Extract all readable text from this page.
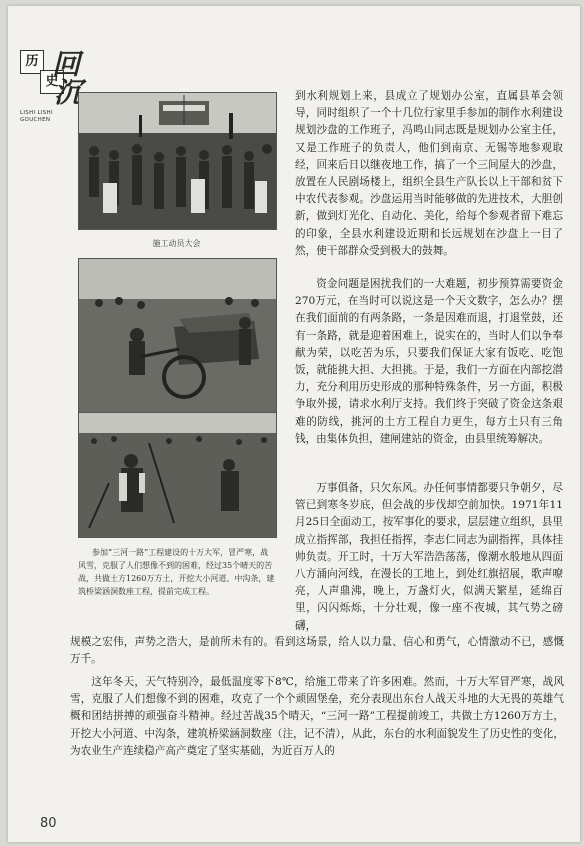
历
史
回
沉
LISHI LISHI
GOUCHEN
施工动员大会
参加“三河一路”工程建设的十万大军，冒严寒，战风雪，克服了人们想像不到的困难，经过35个晴天的苦战，共做土方1260万方土，开挖大小河道、中沟条，建筑桥梁涵洞数座工程，提前完成工程。

到水利规划上来，县成立了规划办公室，直属县革会领导，同时组织了一个十几位行家里手参加的制作水利建设规划沙盘的工作班子，冯鸣山同志既是规划办公室主任，又是工作班子的负责人，他们到南京、无锡等地参观取经，回来后日以继夜地工作，搞了一个三间屋大的沙盘，放置在人民剧场楼上，组织全县生产队长以上干部和贫下中农代表参观。沙盘运用当时能够做的先进技术，大胆创新，做到灯光化、自动化、美化，给每个参观者留下难忘的印象，全县水利建设近期和长远规划在沙盘上一目了然，使干部群众受到极大的鼓舞。

资金问题是困扰我们的一大难题，初步预算需要资金270万元，在当时可以说这是一个天文数字，怎么办？摆在我们面前的有两条路，一条是因难而退，打退堂鼓，还有一条路，就是迎着困难上，说实在的，当时人们以争奉献为荣，以吃苦为乐，只要我们保证大家有饭吃、吃饱饭，就能挑大担、大担挑。于是，我们一方面在内部挖潜力，充分利用历史形成的那种特殊条件，另一方面，积极争取外援，请求水利厅支持。我们终于突破了资金这条艰难的防线，挑河的土方工程自力更生，每方土只有三角钱，由集体负担，建闸建站的资金，由县里统筹解决。

万事俱备，只欠东风。办任何事情都要只争朝夕，尽管已到寒冬岁底，但会战的步伐却空前加快。1971年11月25日全面动工，按军事化的要求，层层建立组织，县里成立指挥部，我担任指挥，李志仁同志为副指挥，具体挂帅负责。开工时，十万大军浩浩荡荡，像潮水般地从四面八方涌向河线，在漫长的工地上，到处红旗招展，歌声嘹亮，人声鼎沸，晚上，万盏灯火，似满天繁星，延绵百里，闪闪烁烁，十分壮观，像一座不夜城，其气势之磅礴，

规模之宏伟，声势之浩大，是前所未有的。看到这场景，给人以力量、信心和勇气，心情激动不已，感慨万千。

这年冬天，天气特别冷，最低温度零下8℃，给施工带来了许多困难。然而，十万大军冒严寒，战风雪，克服了人们想像不到的困难，攻克了一个个顽固堡垒，充分表现出东台人战天斗地的大无畏的英雄气概和团结拼搏的顽强奋斗精神。经过苦战35个晴天，“三河一路”工程提前竣工，共做土方1260万方土，开挖大小河道、中沟条，建筑桥梁涵洞数座（注，记不清），从此，东台的水利面貌发生了历史性的变化，为农业生产连续稳产高产奠定了坚实基础，为近百万人的

80
